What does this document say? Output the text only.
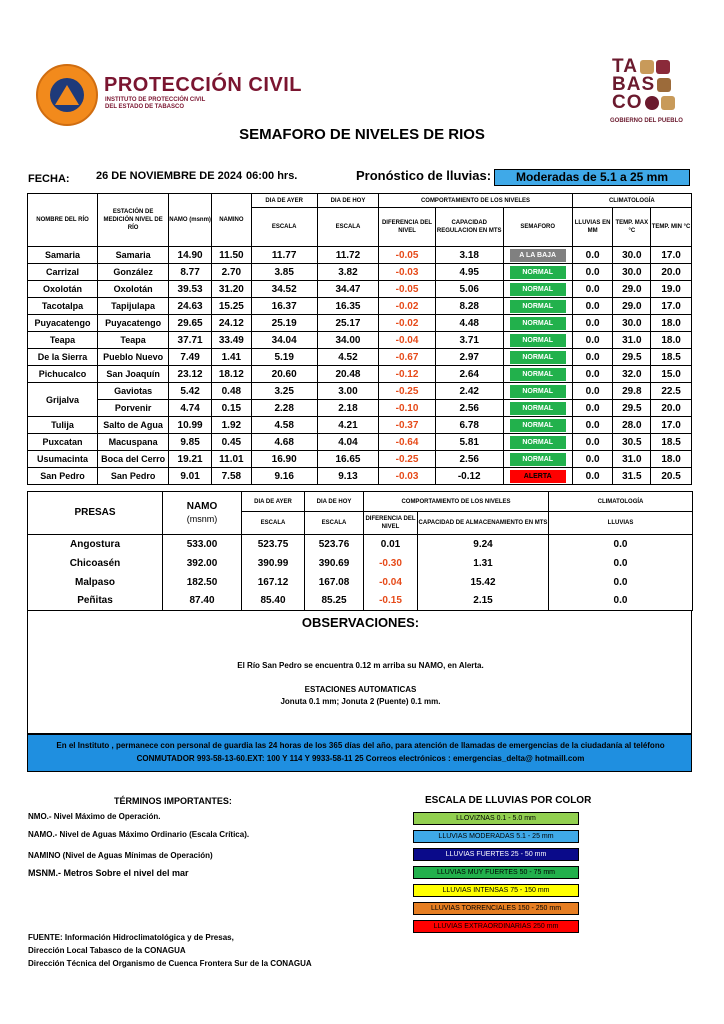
PROTECCIÓN CIVIL
INSTITUTO DE PROTECCIÓN CIVIL
DEL ESTADO DE TABASCO
TA
BAS
CO
GOBIERNO DEL PUEBLO
SEMAFORO DE NIVELES DE RIOS
FECHA: 26 DE NOVIEMBRE DE 2024 06:00 hrs.	Pronóstico de lluvias:	Moderadas de 5.1 a 25 mm
NOMBRE DEL RÍO	ESTACIÓN DE MEDICIÓN NIVEL DE RÍO	NAMO (msnm)	NAMINO	DIA DE AYER	DIA DE HOY	COMPORTAMIENTO DE LOS NIVELES			CLIMATOLOGÍA		
				ESCALA	ESCALA	DIFERENCIA DEL NIVEL	CAPACIDAD REGULACION EN MTS	SEMAFORO	LLUVIAS EN MM	TEMP. MAX °C	TEMP. MIN °C
Samaria	Samaria	14.90	11.50	11.77	11.72	-0.05	3.18	A LA BAJA	0.0	30.0	17.0
Carrizal	González	8.77	2.70	3.85	3.82	-0.03	4.95	NORMAL	0.0	30.0	20.0
Oxolotán	Oxolotán	39.53	31.20	34.52	34.47	-0.05	5.06	NORMAL	0.0	29.0	19.0
Tacotalpa	Tapijulapa	24.63	15.25	16.37	16.35	-0.02	8.28	NORMAL	0.0	29.0	17.0
Puyacatengo	Puyacatengo	29.65	24.12	25.19	25.17	-0.02	4.48	NORMAL	0.0	30.0	18.0
Teapa	Teapa	37.71	33.49	34.04	34.00	-0.04	3.71	NORMAL	0.0	31.0	18.0
De la Sierra	Pueblo Nuevo	7.49	1.41	5.19	4.52	-0.67	2.97	NORMAL	0.0	29.5	18.5
Pichucalco	San Joaquín	23.12	18.12	20.60	20.48	-0.12	2.64	NORMAL	0.0	32.0	15.0
Grijalva	Gaviotas	5.42	0.48	3.25	3.00	-0.25	2.42	NORMAL	0.0	29.8	22.5
	Porvenir	4.74	0.15	2.28	2.18	-0.10	2.56	NORMAL	0.0	29.5	20.0
Tulija	Salto de Agua	10.99	1.92	4.58	4.21	-0.37	6.78	NORMAL	0.0	28.0	17.0
Puxcatan	Macuspana	9.85	0.45	4.68	4.04	-0.64	5.81	NORMAL	0.0	30.5	18.5
Usumacinta	Boca del Cerro	19.21	11.01	16.90	16.65	-0.25	2.56	NORMAL	0.0	31.0	18.0
San Pedro	San Pedro	9.01	7.58	9.16	9.13	-0.03	-0.12	ALERTA	0.0	31.5	20.5
PRESAS	NAMO
(msnm)	DIA DE AYER	DIA DE HOY	COMPORTAMIENTO DE LOS NIVELES		CLIMATOLOGÍA
		ESCALA	ESCALA	DIFERENCIA DEL NIVEL	CAPACIDAD DE ALMACENAMIENTO EN MTS	LLUVIAS
Angostura	533.00	523.75	523.76	0.01	9.24	0.0
Chicoasén	392.00	390.99	390.69	-0.30	1.31	0.0
Malpaso	182.50	167.12	167.08	-0.04	15.42	0.0
Peñitas	87.40	85.40	85.25	-0.15	2.15	0.0
OBSERVACIONES:
El Río San Pedro se encuentra 0.12 m arriba su NAMO, en Alerta.
ESTACIONES AUTOMATICAS
Jonuta 0.1 mm; Jonuta 2 (Puente) 0.1 mm.
En el Instituto , permanece con personal de guardia las 24 horas de los 365 días del año, para atención de llamadas de emergencias de la ciudadanía al teléfono
CONMUTADOR 993-58-13-60.EXT: 100 Y 114 Y 9933-58-11 25 Correos electrónicos : emergencias_delta@ hotmaill.com
TÉRMINOS IMPORTANTES:
NMO.- Nivel Máximo de Operación.
NAMO.- Nivel de Aguas Máximo Ordinario (Escala Crítica).
NAMINO (Nivel de Aguas Mínimas de Operación)
MSNM.- Metros Sobre el nivel del mar
ESCALA DE LLUVIAS POR COLOR
LLOVIZNAS 0.1 - 5.0 mm
LLUVIAS MODERADAS 5.1 - 25 mm
LLUVIAS FUERTES 25 - 50 mm
LLUVIAS MUY FUERTES 50 - 75 mm
LLUVIAS INTENSAS 75 - 150 mm
LLUVIAS TORRENCIALES 150 - 250 mm
LLUVIAS EXTRAORDINARIAS 250 mm
FUENTE: Información Hidroclimatológica y de Presas,
Dirección Local Tabasco de la CONAGUA
Dirección Técnica del Organismo de Cuenca Frontera Sur de la CONAGUA
